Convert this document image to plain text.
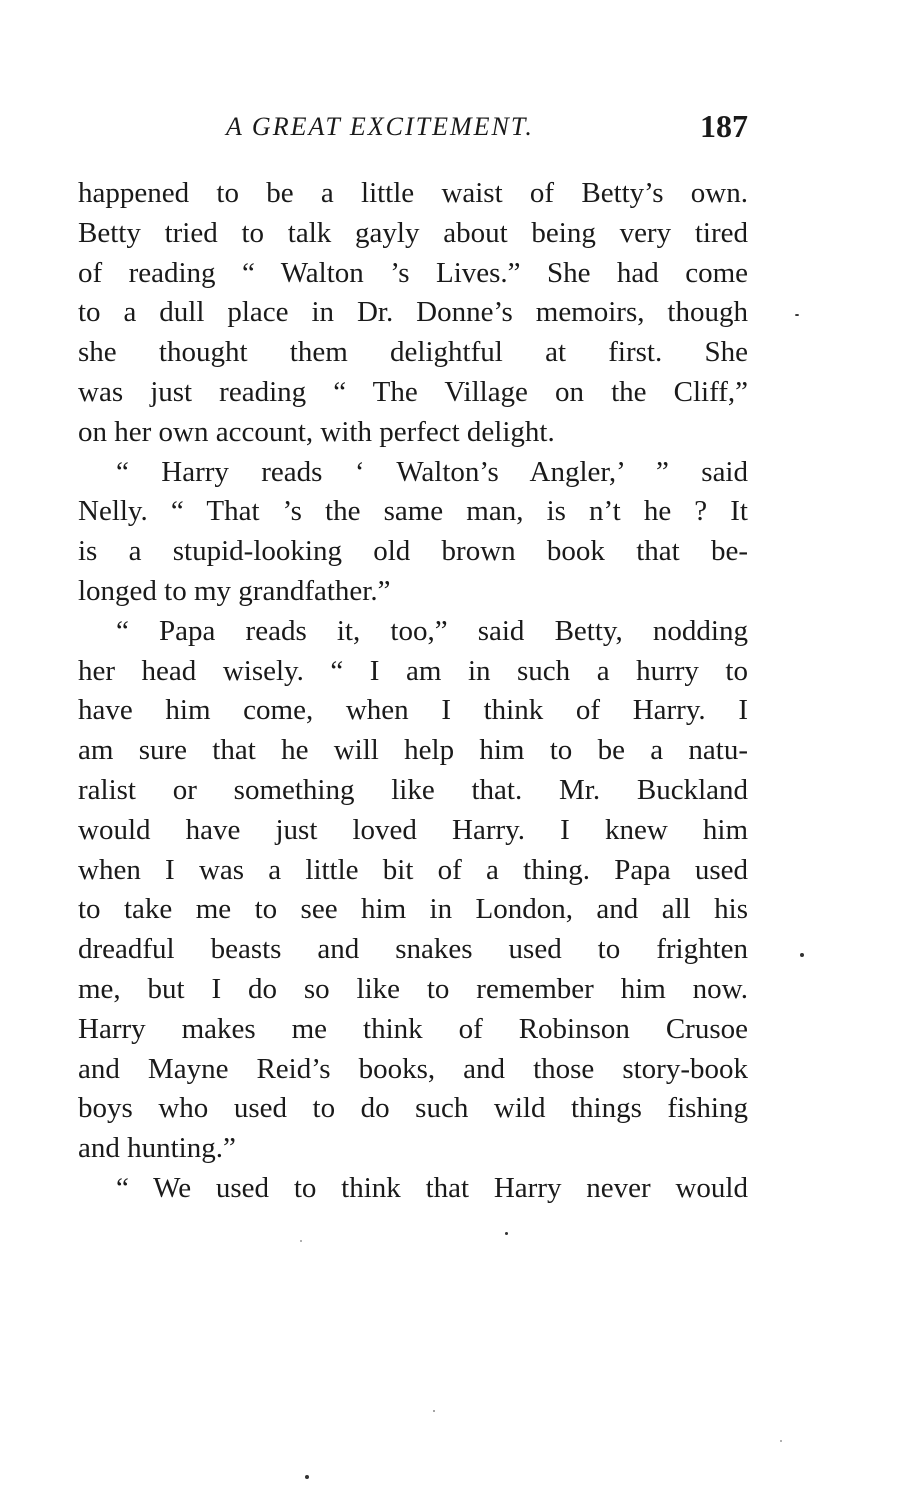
A GREAT EXCITEMENT.	187
happened to be a little waist of Betty’s own.
Betty tried to talk gayly about being very tired
of reading “ Walton ’s Lives.” She had come
to a dull place in Dr. Donne’s memoirs, though
she thought them delightful at first. She
was just reading “ The Village on the Cliff,”
on her own account, with perfect delight.
“ Harry reads ‘ Walton’s Angler,’ ” said
Nelly. “ That ’s the same man, is n’t he ? It
is a stupid-looking old brown book that be-
longed to my grandfather.”
“ Papa reads it, too,” said Betty, nodding
her head wisely. “ I am in such a hurry to
have him come, when I think of Harry. I
am sure that he will help him to be a natu-
ralist or something like that. Mr. Buckland
would have just loved Harry. I knew him
when I was a little bit of a thing. Papa used
to take me to see him in London, and all his
dreadful beasts and snakes used to frighten
me, but I do so like to remember him now.
Harry makes me think of Robinson Crusoe
and Mayne Reid’s books, and those story-book
boys who used to do such wild things fishing
and hunting.”
“ We used to think that Harry never would
